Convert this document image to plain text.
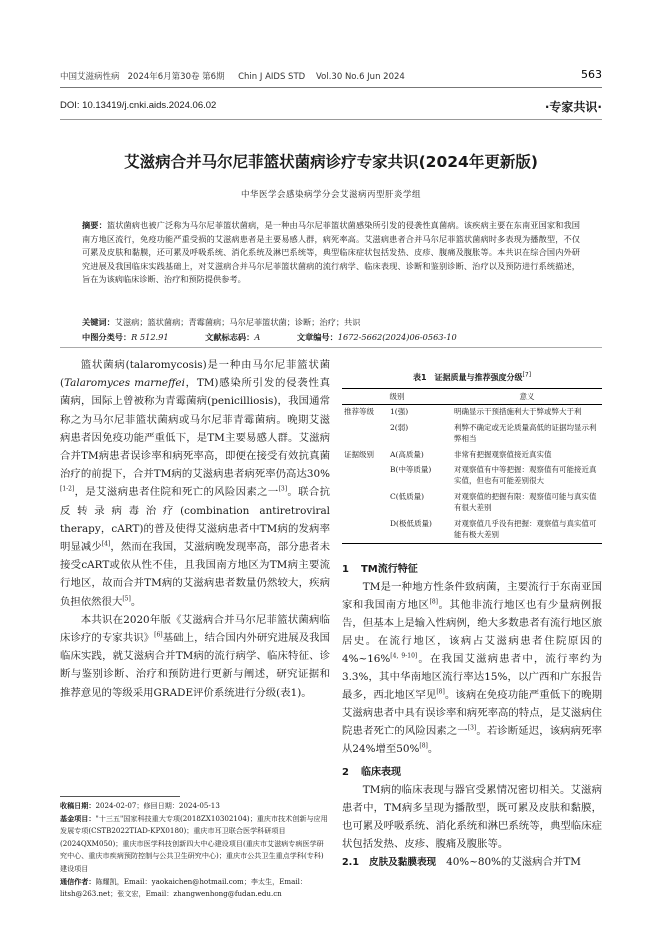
中国艾滋病性病 2024年6月第30卷 第6期 Chin J AIDS STD Vol.30 No.6 Jun 2024	563
DOI: 10.13419/j.cnki.aids.2024.06.02	·专家共识·
艾滋病合并马尔尼菲篮状菌病诊疗专家共识(2024年更新版)
中华医学会感染病学分会艾滋病丙型肝炎学组
摘要：篮状菌病也被广泛称为马尔尼菲篮状菌病，是一种由马尔尼菲篮状菌感染所引发的侵袭性真菌病。该疾病主要在东南亚国家和我国南方地区流行，免疫功能严重受损的艾滋病患者是主要易感人群，病死率高。艾滋病患者合并马尔尼菲篮状菌病时多表现为播散型，不仅可累及皮肤和黏膜，还可累及呼吸系统、消化系统及淋巴系统等，典型临床症状包括发热、皮疹、腹痛及腹胀等。本共识在综合国内外研究进展及我国临床实践基础上，对艾滋病合并马尔尼菲篮状菌病的流行病学、临床表现、诊断和鉴别诊断、治疗以及预防进行系统描述，旨在为该病临床诊断、治疗和预防提供参考。
关键词：艾滋病；篮状菌病；青霉菌病；马尔尼菲篮状菌；诊断；治疗；共识
中图分类号：R 512.91	文献标志码：A	文章编号：1672-5662(2024)06-0563-10

篮状菌病(talaromycosis)是一种由马尔尼菲篮状菌(Talaromyces marneffei，TM)感染所引发的侵袭性真菌病，国际上曾被称为青霉菌病(penicilliosis)，我国通常称之为马尔尼菲篮状菌病或马尔尼菲青霉菌病。晚期艾滋病患者因免疫功能严重低下，是TM主要易感人群。艾滋病合并TM病患者误诊率和病死率高，即便在接受有效抗真菌治疗的前提下，合并TM病的艾滋病患者病死率仍高达30%[1-2]，是艾滋病患者住院和死亡的风险因素之一[3]。联合抗反转录病毒治疗(combination antiretroviral therapy，cART)的普及使得艾滋病患者中TM病的发病率明显减少[4]，然而在我国，艾滋病晚发现率高，部分患者未接受cART或依从性不佳，且我国南方地区为TM病主要流行地区，故而合并TM病的艾滋病患者数量仍然较大，疾病负担依然很大[5]。

本共识在2020年版《艾滋病合并马尔尼菲篮状菌病临床诊疗的专家共识》[6]基础上，结合国内外研究进展及我国临床实践，就艾滋病合并TM病的流行病学、临床特征、诊断与鉴别诊断、治疗和预防进行更新与阐述，研究证据和推荐意见的等级采用GRADE评价系统进行分级(表1)。

表1　证据质量与推荐强度分级[7]
级别		意义
推荐等级	1(强)	明确显示干预措施利大于弊或弊大于利
	2(弱)	利弊不确定或无论质量高低的证据均显示利弊相当
证据级别	A(高质量)	非常有把握观察值接近真实值
	B(中等质量)	对观察值有中等把握：观察值有可能接近真实值，但也有可能差别很大
	C(低质量)	对观察值的把握有限：观察值可能与真实值有很大差别
	D(极低质量)	对观察值几乎没有把握：观察值与真实值可能有极大差别
1 TM流行特征

TM是一种地方性条件致病菌，主要流行于东南亚国家和我国南方地区[8]。其他非流行地区也有少量病例报告，但基本上是输入性病例，绝大多数患者有流行地区旅居史。在流行地区，该病占艾滋病患者住院原因的4%~16%[4, 9-10]。在我国艾滋病患者中，流行率约为3.3%，其中华南地区流行率达15%，以广西和广东报告最多，西北地区罕见[8]。该病在免疫功能严重低下的晚期艾滋病患者中具有误诊率和病死率高的特点，是艾滋病住院患者死亡的风险因素之一[3]。若诊断延迟，该病病死率从24%增至50%[8]。

2 临床表现

TM病的临床表现与器官受累情况密切相关。艾滋病患者中，TM病多呈现为播散型，既可累及皮肤和黏膜，也可累及呼吸系统、消化系统和淋巴系统等，典型临床症状包括发热、皮疹、腹痛及腹胀等。

2.1 皮肤及黏膜表现 40%~80%的艾滋病合并TM
收稿日期：2024-02-07；修回日期：2024-05-13
基金项目："十三五"国家科技重大专项(2018ZX10302104)；重庆市技术创新与应用发展专项(CSTB2022TIAD-KPX0180)；重庆市耳卫联合医学科研项目(2024QXM050)；重庆市医学科技创新四大中心建设项目(重庆市艾滋病专病医学研究中心、重庆市疾病预防控制与公共卫生研究中心)；重庆市公共卫生重点学科(专科)建设项目
通信作者：陈耀凯，Email：yaokaichen@hotmail.com；李太生，Email：litsh@263.net；张文宏，Email：zhangwenhong@fudan.edu.cn
